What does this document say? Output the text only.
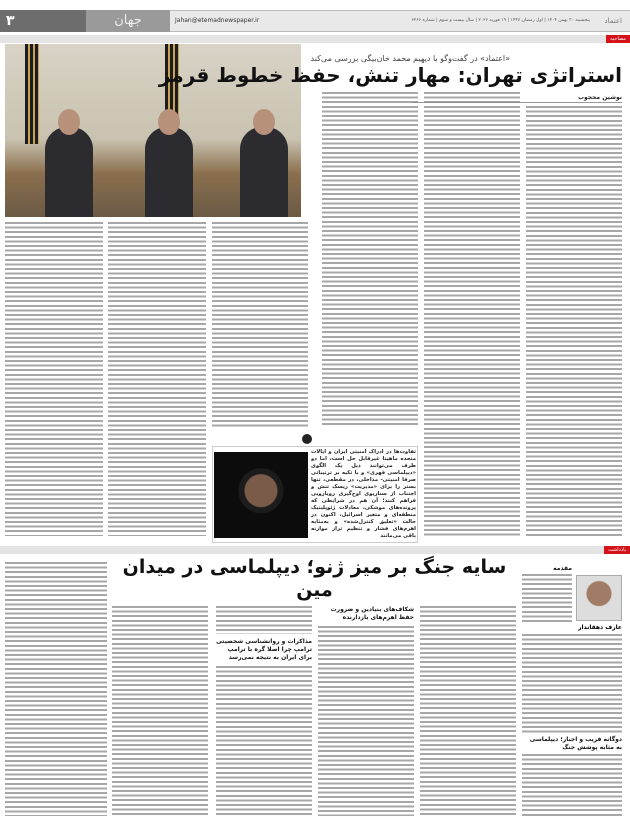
۳	جهان	Jahan@etemadnewspaper.ir	پنجشنبه ۳۰ بهمن ۱۴۰۴ | اول رمضان ۱۴۴۷ | ۱۹ فوریه ۲۰۲۶ | سال بیست و سوم | شماره ۶۲۶۶ اعتماد
مصاحبه
«اعتماد» در گفت‌وگو با دیهیم محمد خان‌بیگی بررسی می‌کند
استراتژی تهران: مهار تنش، حفظ خطوط قرمز
نوشین محجوب
تفاوت‌ها در ادراک امنیتی ایران و ایالات متحده ماهیتا غیرقابل حل است، اما دو طرف می‌توانند ذیل یک الگوی «دیپلماسی قهری» و با تکیه بر ترتیباتی صرفا امنیتی- مداخلی، در مقطعی، تنها بستر را برای «مدیریت» ریسک تنش و اجتناب از سناریوی اوج‌گیری رویارویی فراهم کنند؛ آن هم در شرایطی که پرونده‌های موشکی، معادلات ژئوپلیتیک منطقه‌ای و متغیر اسرائیل، اکنون در حالت «تعلیق کنترل‌شده» و به‌مثابه اهرم‌های فشار و تنظیم تراز موازنه باقی می‌مانند
یادداشت
سایه جنگ بر میز ژنو؛ دیپلماسی در میدان مین
مقدمه
عارف دهقاندار
دوگانه فریب و اجبار؛ دیپلماسی به مثابه پوشش جنگ
شکاف‌های بنیادین و ضرورت حفظ اهرم‌های بازدارنده
مذاکرات و روانشناسی شخصیتی ترامپ چرا اصلا گره با ترامپ برای ایران به نتیجه نمی‌رسد
